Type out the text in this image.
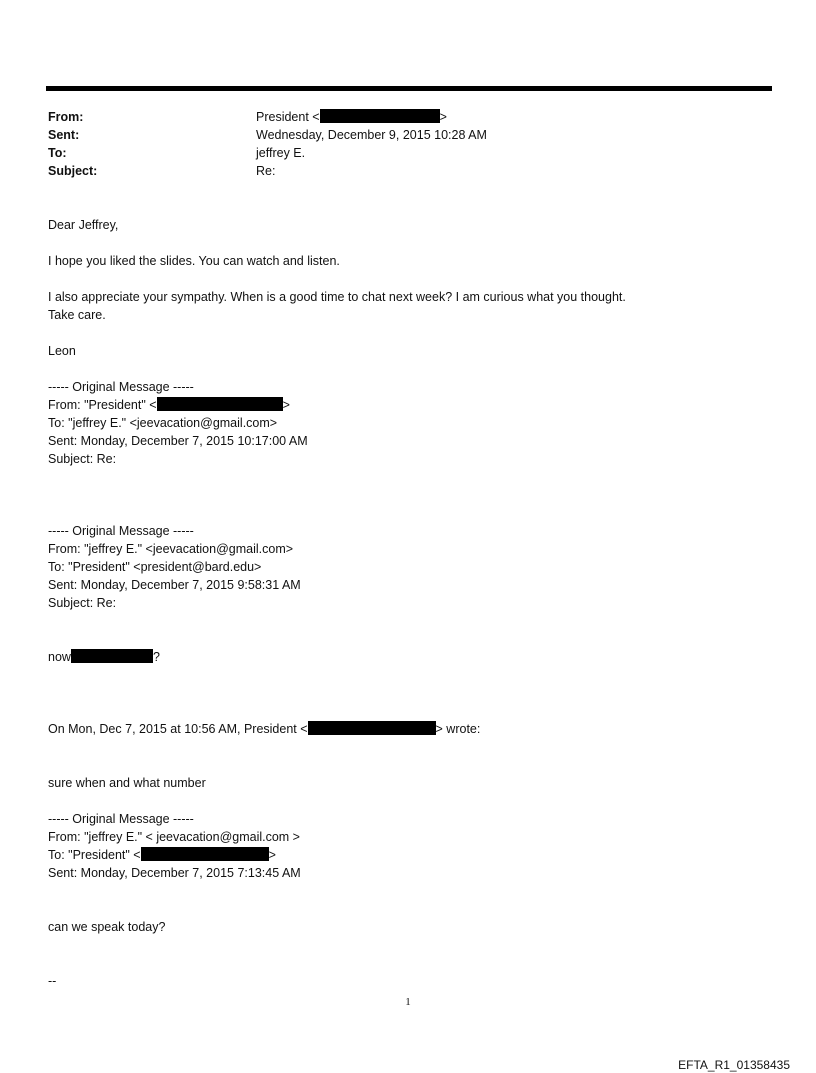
From:	President <	>
Sent:	Wednesday, December 9, 2015 10:28 AM
To:	jeffrey E.
Subject:	Re:

Dear Jeffrey,

I hope you liked the slides. You can watch and listen.

I also appreciate your sympathy. When is a good time to chat next week? I am curious what you thought.
Take care.

Leon

----- Original Message -----
From: "President" <	>
To: "jeffrey E." <jeevacation@gmail.com>
Sent: Monday, December 7, 2015 10:17:00 AM
Subject: Re:
----- Original Message -----
From: "jeffrey E." <jeevacation@gmail.com>
To: "President" <president@bard.edu>
Sent: Monday, December 7, 2015 9:58:31 AM
Subject: Re:
now	?
On Mon, Dec 7, 2015 at 10:56 AM, President <	> wrote:

sure when and what number

----- Original Message -----
From: "jeffrey E." < jeevacation@gmail.com >
To: "President" <	>
Sent: Monday, December 7, 2015 7:13:45 AM

can we speak today?

--
1
EFTA_R1_01358435
